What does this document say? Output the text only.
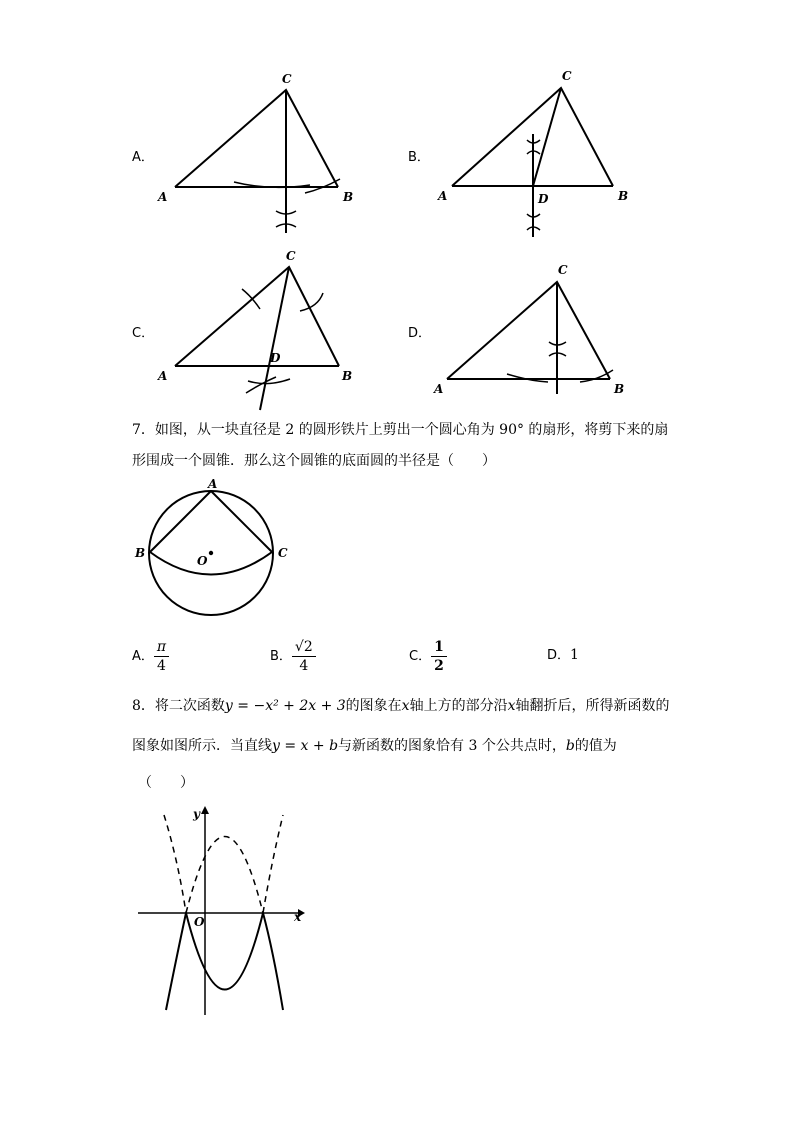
A．
A	B
C
B．
A	B
C
D
C．
A	B
C
D
D．
A	B
C
7．如图，从一块直径是 2 的圆形铁片上剪出一个圆心角为 90° 的扇形，将剪下来的扇
形围成一个圆锥．那么这个圆锥的底面圆的半径是（　　）
A
B	C
O
A． $\frac{\pi}{4}$	B． $\frac{√2}{4}$	C． $\frac{1}{2}$	D．1
8．将二次函数y = −x² + 2x + 3的图象在x轴上方的部分沿x轴翻折后，所得新函数的
图象如图所示．当直线y = x + b与新函数的图象恰有 3 个公共点时，b的值为
（　　）
y
x
O
